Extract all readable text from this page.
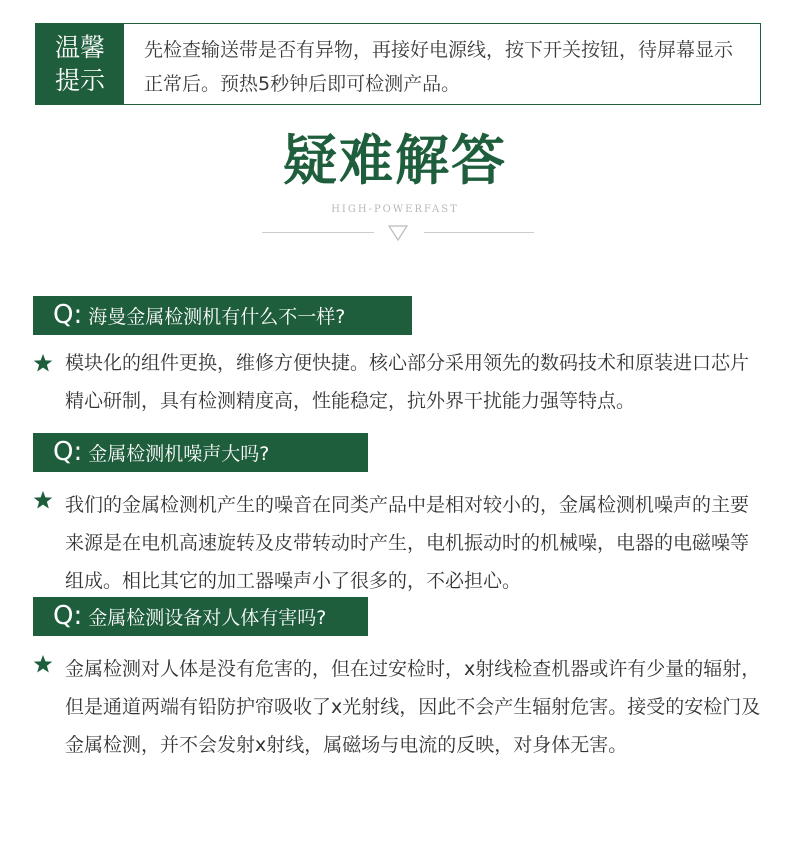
温馨
提示
先检查输送带是否有异物，再接好电源线，按下开关按钮，待屏幕显示正常后。预热5秒钟后即可检测产品。
疑难解答
HIGH-POWERFAST
Q: 海曼金属检测机有什么不一样?
模块化的组件更换，维修方便快捷。核心部分采用领先的数码技术和原装进口芯片精心研制，具有检测精度高，性能稳定，抗外界干扰能力强等特点。
Q: 金属检测机噪声大吗?
我们的金属检测机产生的噪音在同类产品中是相对较小的，金属检测机噪声的主要来源是在电机高速旋转及皮带转动时产生，电机振动时的机械噪，电器的电磁噪等组成。相比其它的加工器噪声小了很多的，不必担心。
Q: 金属检测设备对人体有害吗?
金属检测对人体是没有危害的，但在过安检时，x射线检查机器或许有少量的辐射，但是通道两端有铅防护帘吸收了x光射线，因此不会产生辐射危害。接受的安检门及金属检测，并不会发射x射线，属磁场与电流的反映，对身体无害。
